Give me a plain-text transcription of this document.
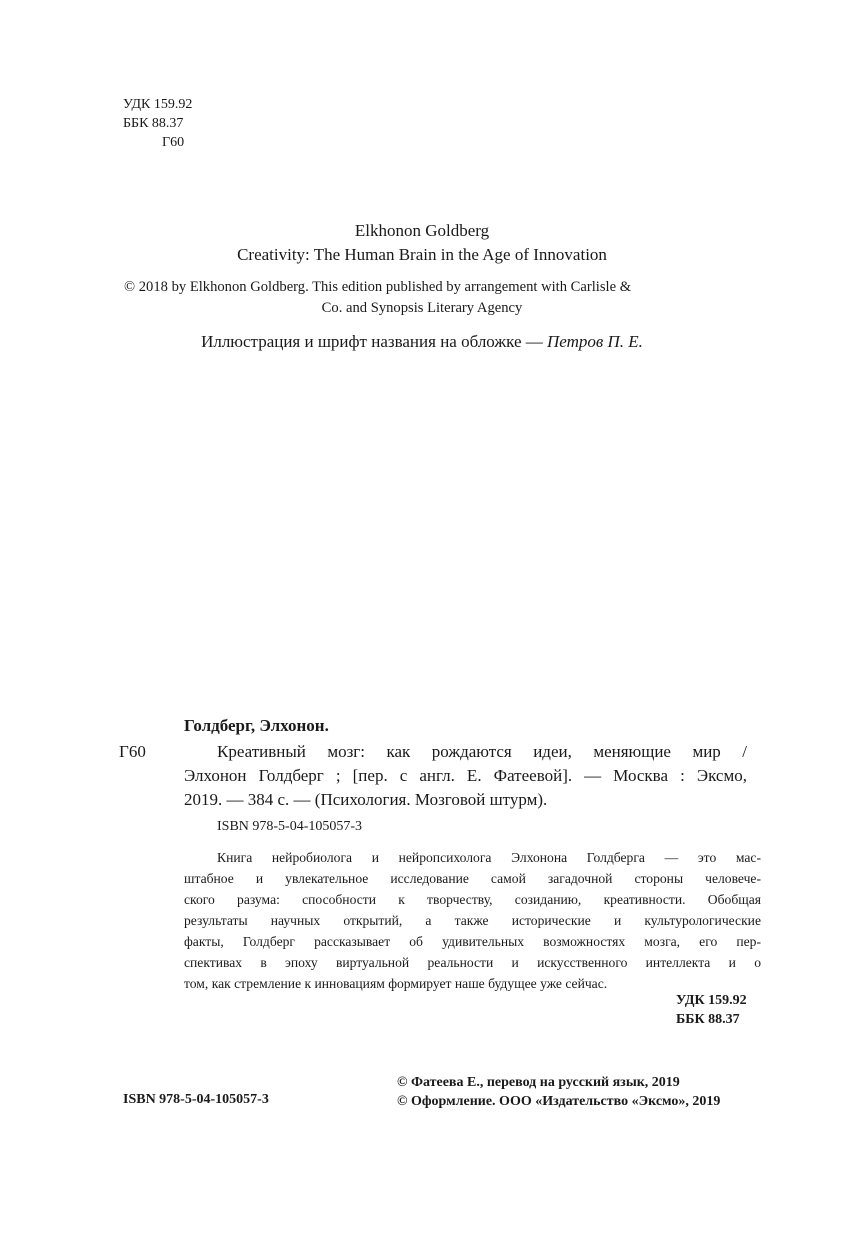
УДК 159.92
ББК 88.37
Г60
Elkhonon Goldberg
Creativity: The Human Brain in the Age of Innovation
© 2018 by Elkhonon Goldberg. This edition published by arrangement with Carlisle &
Co. and Synopsis Literary Agency
Иллюстрация и шрифт названия на обложке — Петров П. Е.
Голдберг, Элхонон.
Г60	Креативный мозг: как рождаются идеи, меняющие мир /
Элхонон Голдберг ; [пер. с англ. Е. Фатеевой]. — Москва : Эксмо,
2019. — 384 с. — (Психология. Мозговой штурм).
ISBN 978-5-04-105057-3
Книга нейробиолога и нейропсихолога Элхонона Голдберга — это мас-
штабное и увлекательное исследование самой загадочной стороны человече-
ского разума: способности к творчеству, созиданию, креативности. Обобщая
результаты научных открытий, а также исторические и культурологические
факты, Голдберг рассказывает об удивительных возможностях мозга, его пер-
спективах в эпоху виртуальной реальности и искусственного интеллекта и о
том, как стремление к инновациям формирует наше будущее уже сейчас.
УДК 159.92
ББК 88.37
ISBN 978-5-04-105057-3
© Фатеева Е., перевод на русский язык, 2019
© Оформление. ООО «Издательство «Эксмо», 2019
